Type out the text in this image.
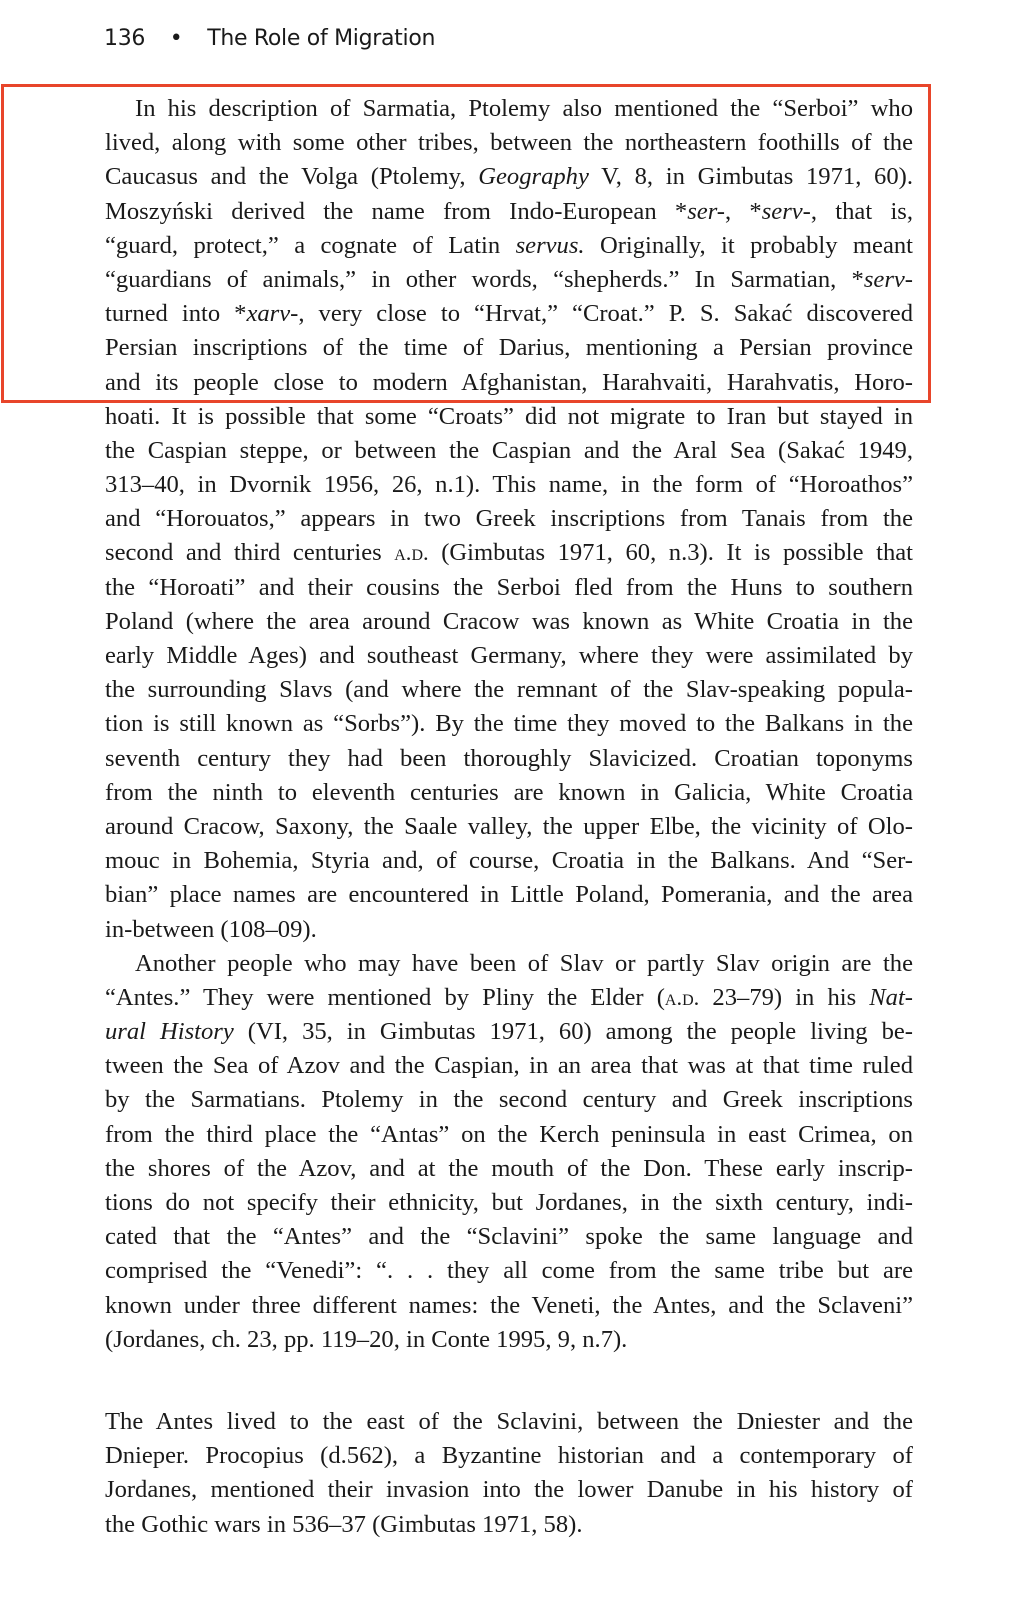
136 • The Role of Migration
In his description of Sarmatia, Ptolemy also mentioned the “Serboi” who
lived, along with some other tribes, between the northeastern foothills of the
Caucasus and the Volga (Ptolemy, Geography V, 8, in Gimbutas 1971, 60).
Moszyński derived the name from Indo-European *ser-, *serv-, that is,
“guard, protect,” a cognate of Latin servus. Originally, it probably meant
“guardians of animals,” in other words, “shepherds.” In Sarmatian, *serv-
turned into *xarv-, very close to “Hrvat,” “Croat.” P. S. Sakać discovered
Persian inscriptions of the time of Darius, mentioning a Persian province
and its people close to modern Afghanistan, Harahvaiti, Harahvatis, Horo-
hoati. It is possible that some “Croats” did not migrate to Iran but stayed in
the Caspian steppe, or between the Caspian and the Aral Sea (Sakać 1949,
313–40, in Dvornik 1956, 26, n.1). This name, in the form of “Horoathos”
and “Horouatos,” appears in two Greek inscriptions from Tanais from the
second and third centuries a.d. (Gimbutas 1971, 60, n.3). It is possible that
the “Horoati” and their cousins the Serboi fled from the Huns to southern
Poland (where the area around Cracow was known as White Croatia in the
early Middle Ages) and southeast Germany, where they were assimilated by
the surrounding Slavs (and where the remnant of the Slav-speaking popula-
tion is still known as “Sorbs”). By the time they moved to the Balkans in the
seventh century they had been thoroughly Slavicized. Croatian toponyms
from the ninth to eleventh centuries are known in Galicia, White Croatia
around Cracow, Saxony, the Saale valley, the upper Elbe, the vicinity of Olo-
mouc in Bohemia, Styria and, of course, Croatia in the Balkans. And “Ser-
bian” place names are encountered in Little Poland, Pomerania, and the area
in-between (108–09).
Another people who may have been of Slav or partly Slav origin are the
“Antes.” They were mentioned by Pliny the Elder (a.d. 23–79) in his Nat-
ural History (VI, 35, in Gimbutas 1971, 60) among the people living be-
tween the Sea of Azov and the Caspian, in an area that was at that time ruled
by the Sarmatians. Ptolemy in the second century and Greek inscriptions
from the third place the “Antas” on the Kerch peninsula in east Crimea, on
the shores of the Azov, and at the mouth of the Don. These early inscrip-
tions do not specify their ethnicity, but Jordanes, in the sixth century, indi-
cated that the “Antes” and the “Sclavini” spoke the same language and
comprised the “Venedi”: “. . . they all come from the same tribe but are
known under three different names: the Veneti, the Antes, and the Sclaveni”
(Jordanes, ch. 23, pp. 119–20, in Conte 1995, 9, n.7).
The Antes lived to the east of the Sclavini, between the Dniester and the
Dnieper. Procopius (d.562), a Byzantine historian and a contemporary of
Jordanes, mentioned their invasion into the lower Danube in his history of
the Gothic wars in 536–37 (Gimbutas 1971, 58).
